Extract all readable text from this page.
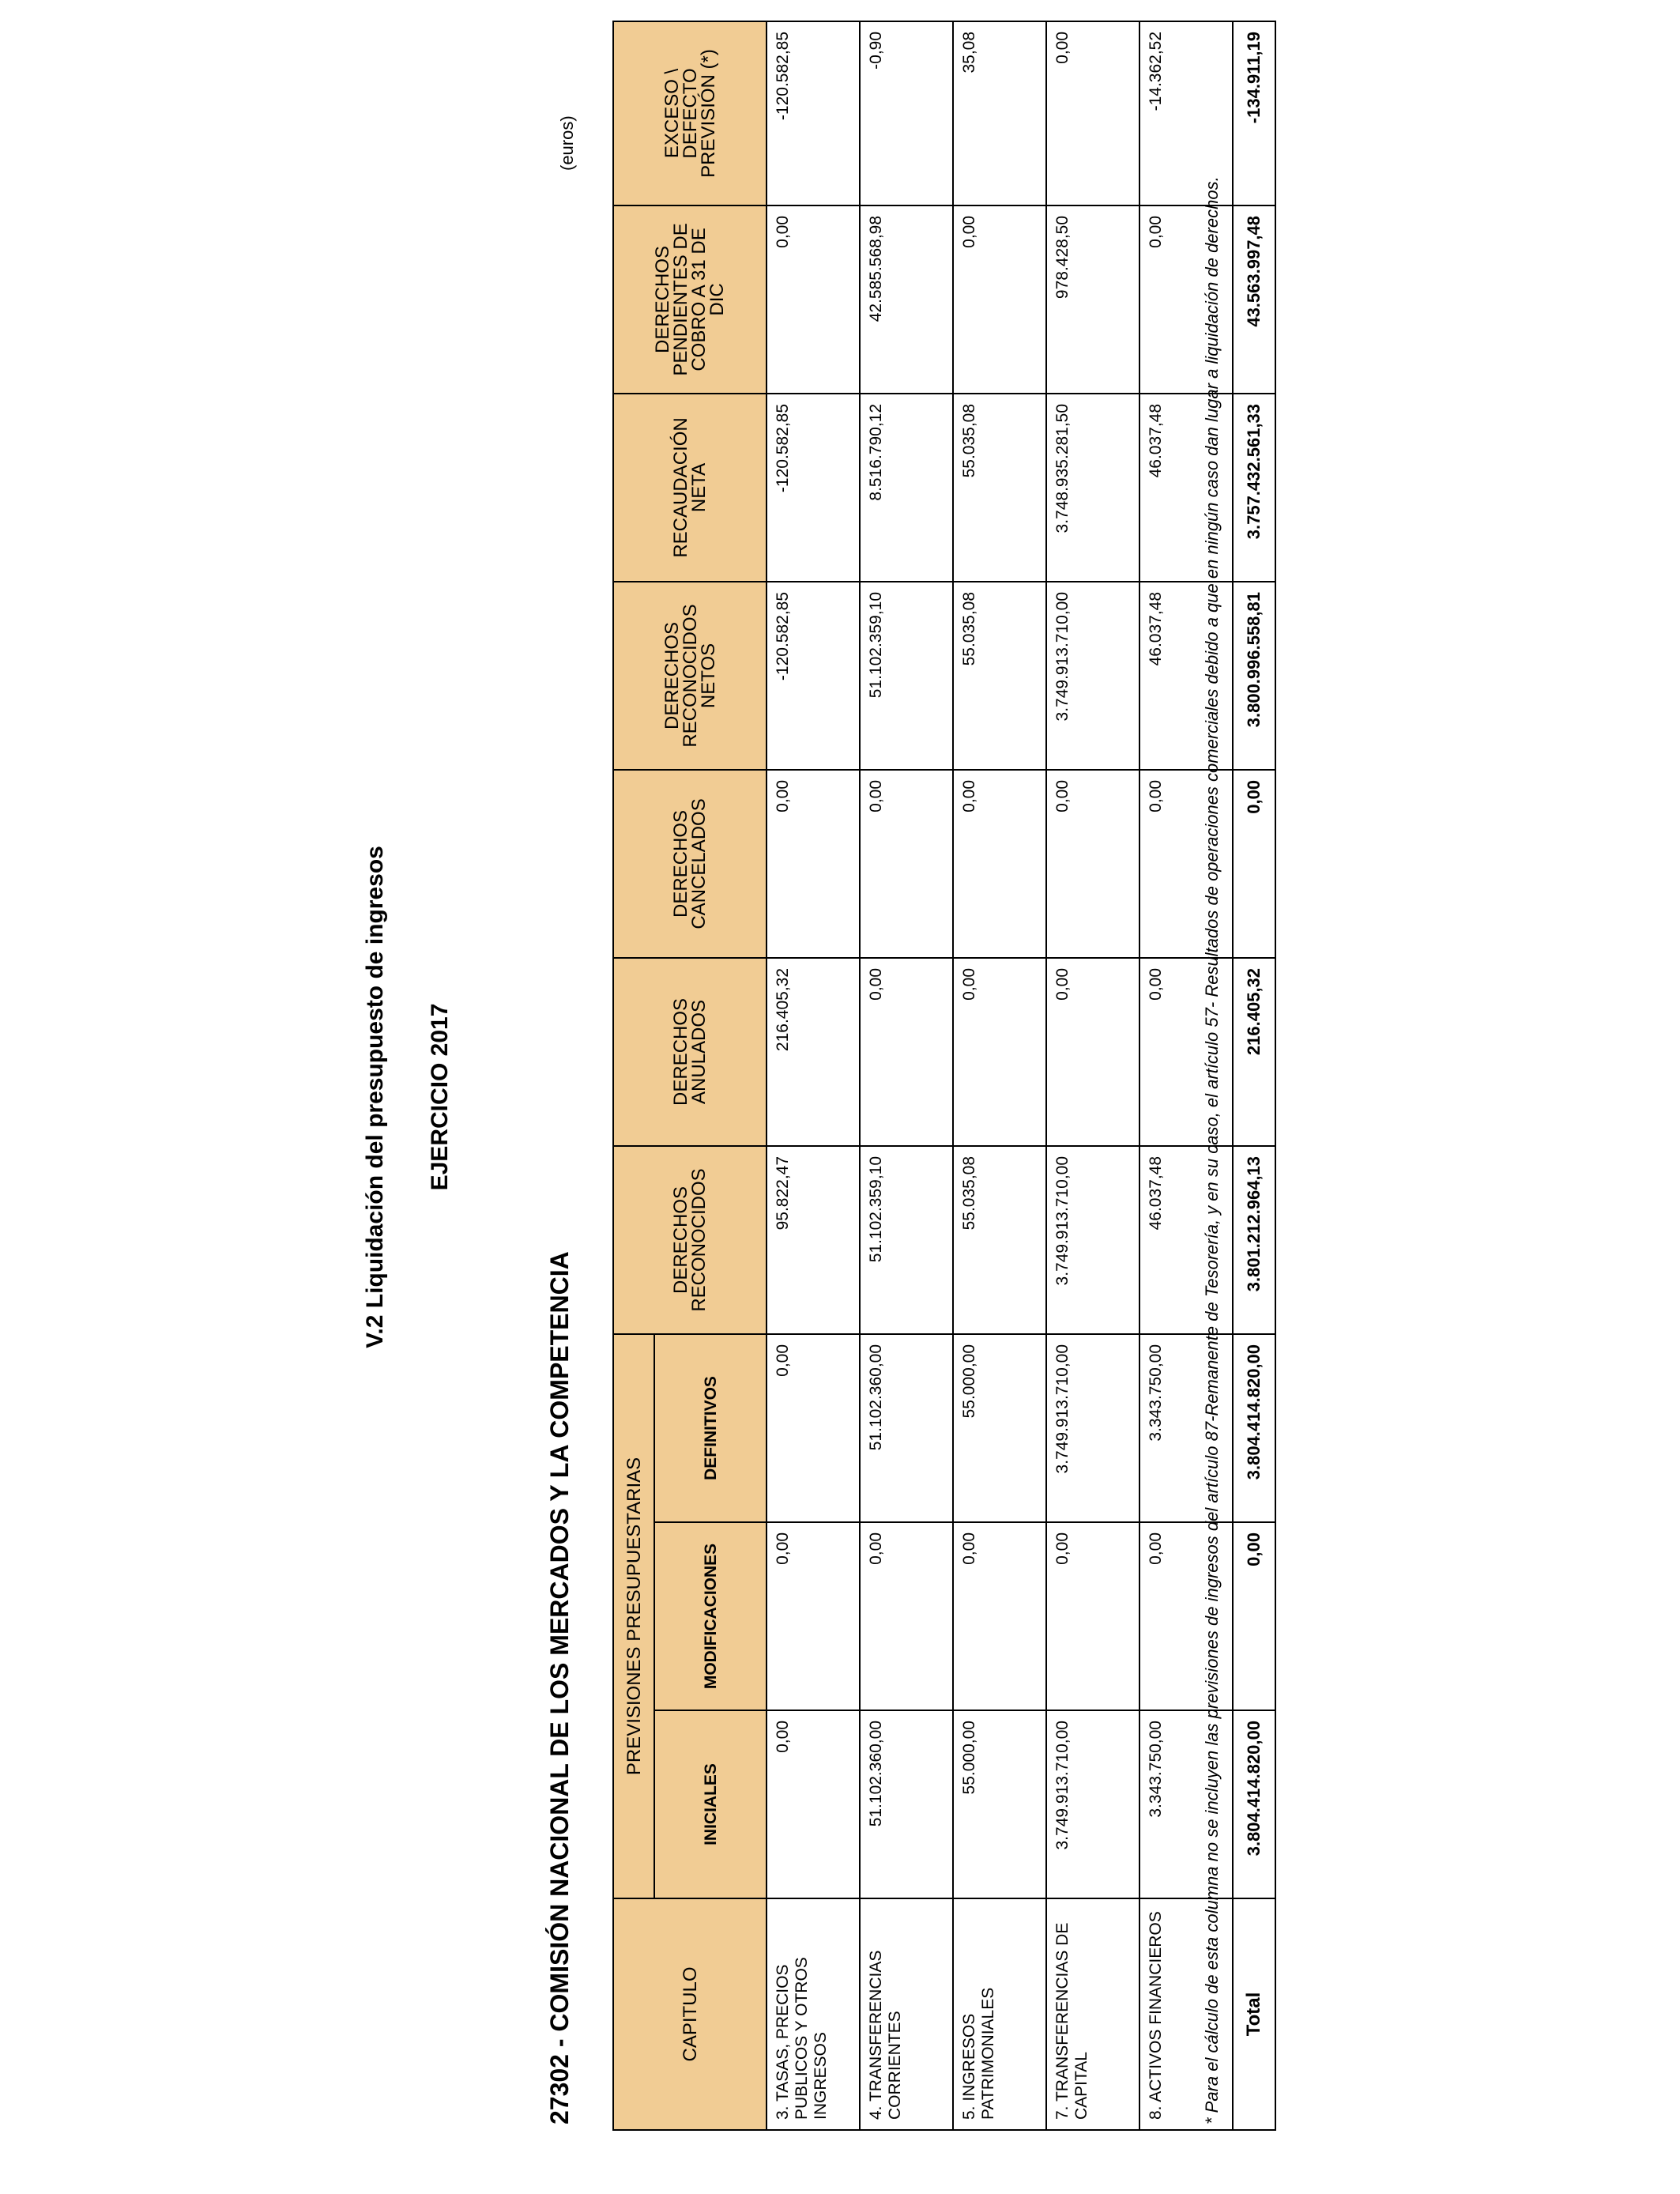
V.2 Liquidación del presupuesto de ingresos EJERCICIO 2017
27302 - COMISIÓN NACIONAL DE LOS MERCADOS Y LA COMPETENCIA
(euros)
CAPITULO	PREVISIONES PRESUPUESTARIAS			DERECHOS RECONOCIDOS	DERECHOS ANULADOS	DERECHOS CANCELADOS	DERECHOS RECONOCIDOS NETOS	RECAUDACIÓN NETA	DERECHOS PENDIENTES DE COBRO A 31 DE DIC	EXCESO \ DEFECTO PREVISIÓN (*)
	INICIALES	MODIFICACIONES	DEFINITIVOS							
3. TASAS, PRECIOS PUBLICOS Y OTROS INGRESOS	0,00	0,00	0,00	95.822,47	216.405,32	0,00	-120.582,85	-120.582,85	0,00	-120.582,85
4. TRANSFERENCIAS CORRIENTES	51.102.360,00	0,00	51.102.360,00	51.102.359,10	0,00	0,00	51.102.359,10	8.516.790,12	42.585.568,98	-0,90
5. INGRESOS PATRIMONIALES	55.000,00	0,00	55.000,00	55.035,08	0,00	0,00	55.035,08	55.035,08	0,00	35,08
7. TRANSFERENCIAS DE CAPITAL	3.749.913.710,00	0,00	3.749.913.710,00	3.749.913.710,00	0,00	0,00	3.749.913.710,00	3.748.935.281,50	978.428,50	0,00
8. ACTIVOS FINANCIEROS	3.343.750,00	0,00	3.343.750,00	46.037,48	0,00	0,00	46.037,48	46.037,48	0,00	-14.362,52
Total	3.804.414.820,00	0,00	3.804.414.820,00	3.801.212.964,13	216.405,32	0,00	3.800.996.558,81	3.757.432.561,33	43.563.997,48	-134.911,19
* Para el cálculo de esta columna no se incluyen las previsiones de ingresos del artículo 87-Remanente de Tesorería, y en su caso, el artículo 57- Resultados de operaciones comerciales debido a que en ningún caso dan lugar a liquidación de derechos.
